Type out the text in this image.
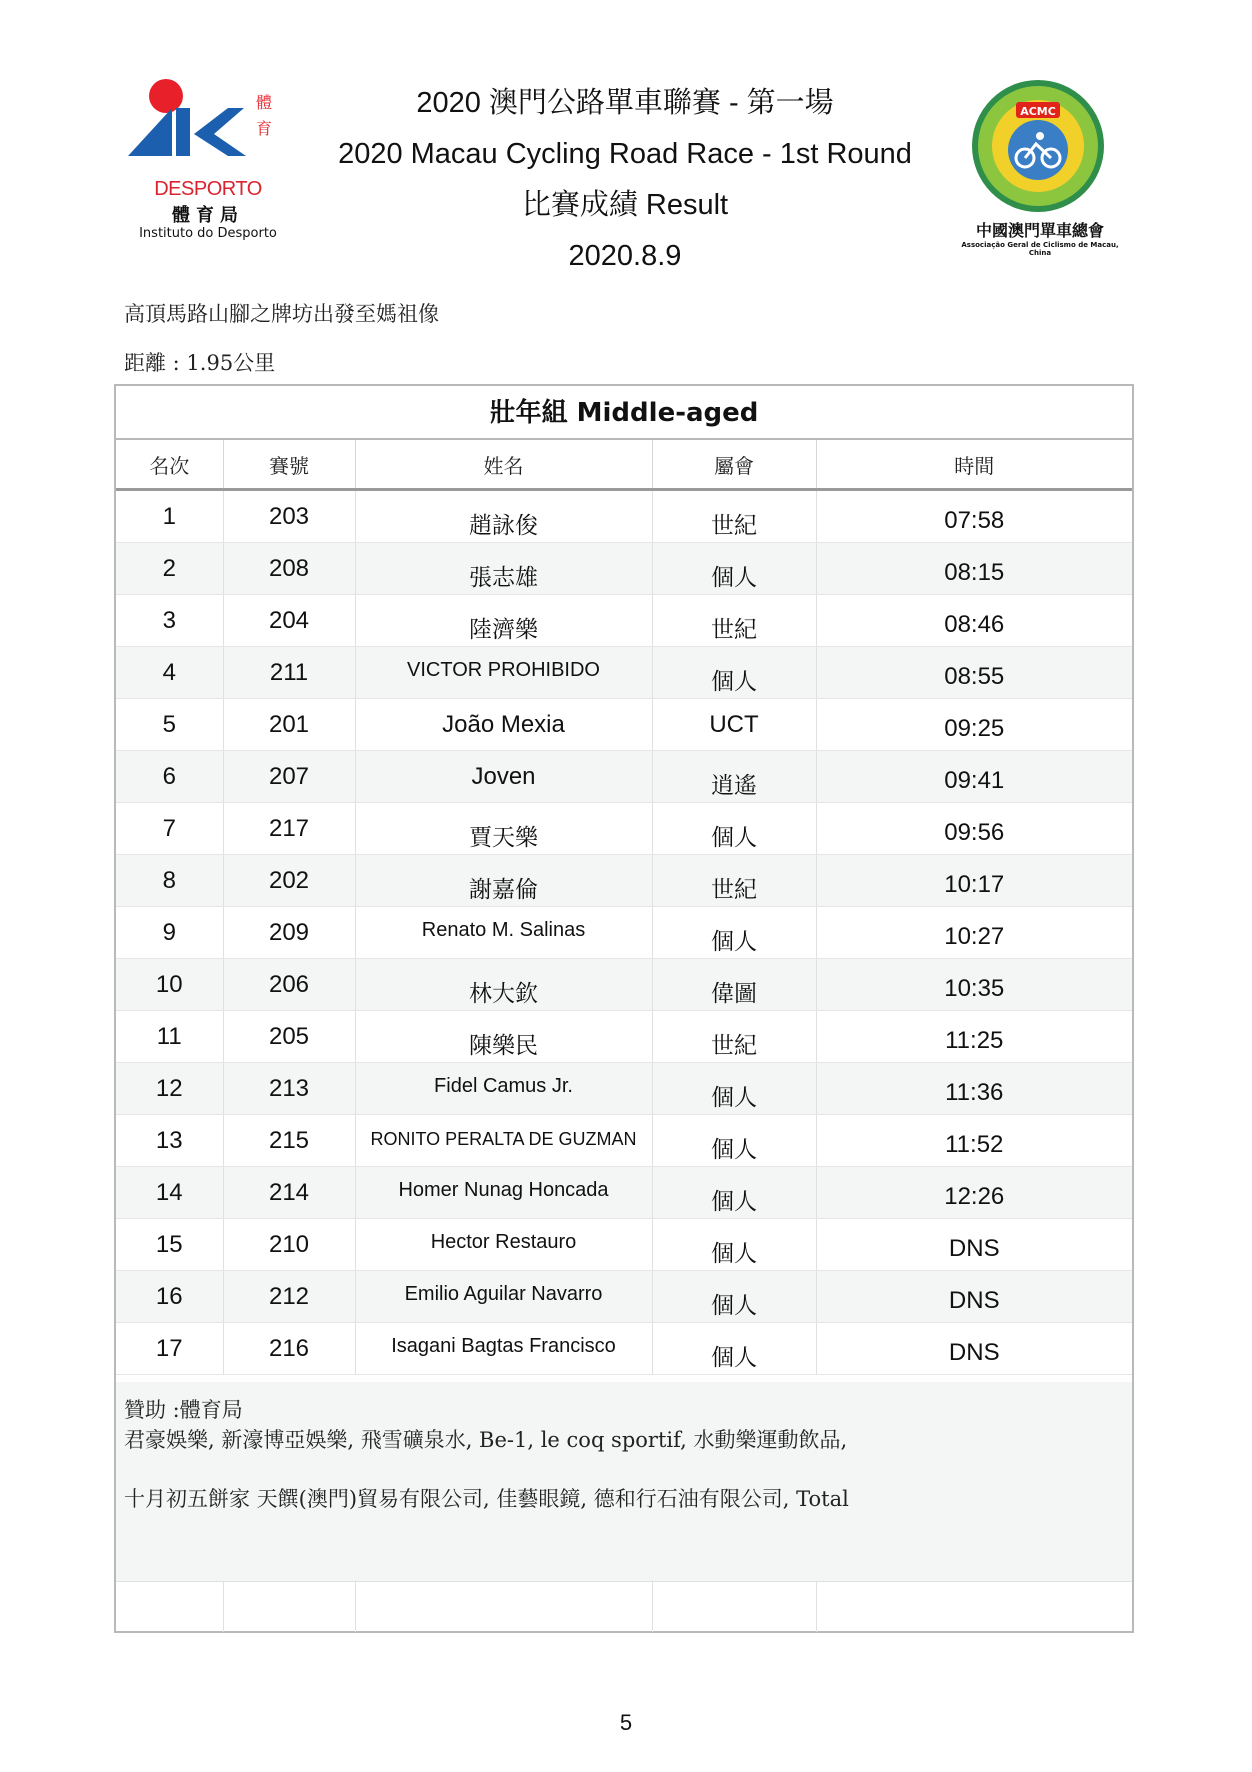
體
育
DESPORTO
體育局
Instituto do Desporto
2020 澳門公路單車聯賽 - 第一場
2020 Macau Cycling Road Race - 1st Round
比賽成績 Result
2020.8.9
ACMC
中國澳門單車總會
Associação Geral de Ciclismo de Macau, China
高頂馬路山腳之牌坊出發至媽祖像
距離 : 1.95公里
壯年組 Middle-aged
名次	賽號	姓名	屬會	時間

1	203	趙詠俊	世紀	07:58

2	208	張志雄	個人	08:15

3	204	陸濟樂	世紀	08:46

4	211	VICTOR PROHIBIDO	個人	08:55

5	201	João Mexia	UCT	09:25

6	207	Joven	逍遙	09:41

7	217	賈天樂	個人	09:56

8	202	謝嘉倫	世紀	10:17

9	209	Renato M. Salinas	個人	10:27

10	206	林大欽	偉圖	10:35

11	205	陳樂民	世紀	11:25

12	213	Fidel Camus Jr.	個人	11:36

13	215	RONITO PERALTA DE GUZMAN	個人	11:52

14	214	Homer Nunag Honcada	個人	12:26

15	210	Hector Restauro	個人	DNS

16	212	Emilio Aguilar Navarro	個人	DNS

17	216	Isagani Bagtas Francisco	個人	DNS
贊助 :體育局
君豪娛樂, 新濠博亞娛樂, 飛雪礦泉水, Be-1, le coq sportif, 水動樂運動飲品,
十月初五餅家 天饌(澳門)貿易有限公司, 佳藝眼鏡, 德和行石油有限公司, Total
5
